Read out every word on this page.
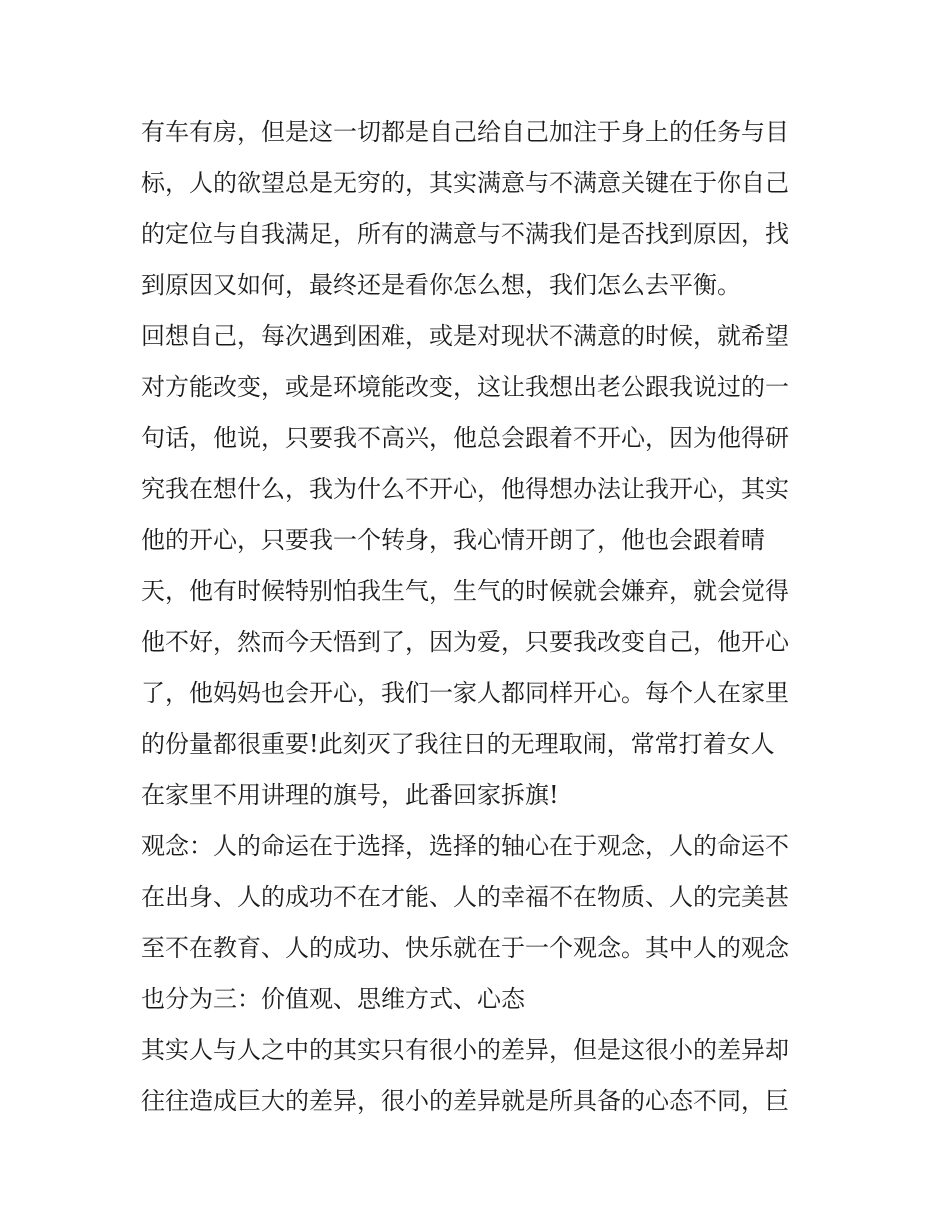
有车有房，但是这一切都是自己给自己加注于身上的任务与目
标，人的欲望总是无穷的，其实满意与不满意关键在于你自己
的定位与自我满足，所有的满意与不满我们是否找到原因，找
到原因又如何，最终还是看你怎么想，我们怎么去平衡。
回想自己，每次遇到困难，或是对现状不满意的时候，就希望
对方能改变，或是环境能改变，这让我想出老公跟我说过的一
句话，他说，只要我不高兴，他总会跟着不开心，因为他得研
究我在想什么，我为什么不开心，他得想办法让我开心，其实
他的开心，只要我一个转身，我心情开朗了，他也会跟着晴
天，他有时候特别怕我生气，生气的时候就会嫌弃，就会觉得
他不好，然而今天悟到了，因为爱，只要我改变自己，他开心
了，他妈妈也会开心，我们一家人都同样开心。每个人在家里
的份量都很重要!此刻灭了我往日的无理取闹，常常打着女人
在家里不用讲理的旗号，此番回家拆旗!
观念：人的命运在于选择，选择的轴心在于观念，人的命运不
在出身、人的成功不在才能、人的幸福不在物质、人的完美甚
至不在教育、人的成功、快乐就在于一个观念。其中人的观念
也分为三：价值观、思维方式、心态
其实人与人之中的其实只有很小的差异，但是这很小的差异却
往往造成巨大的差异，很小的差异就是所具备的心态不同，巨
